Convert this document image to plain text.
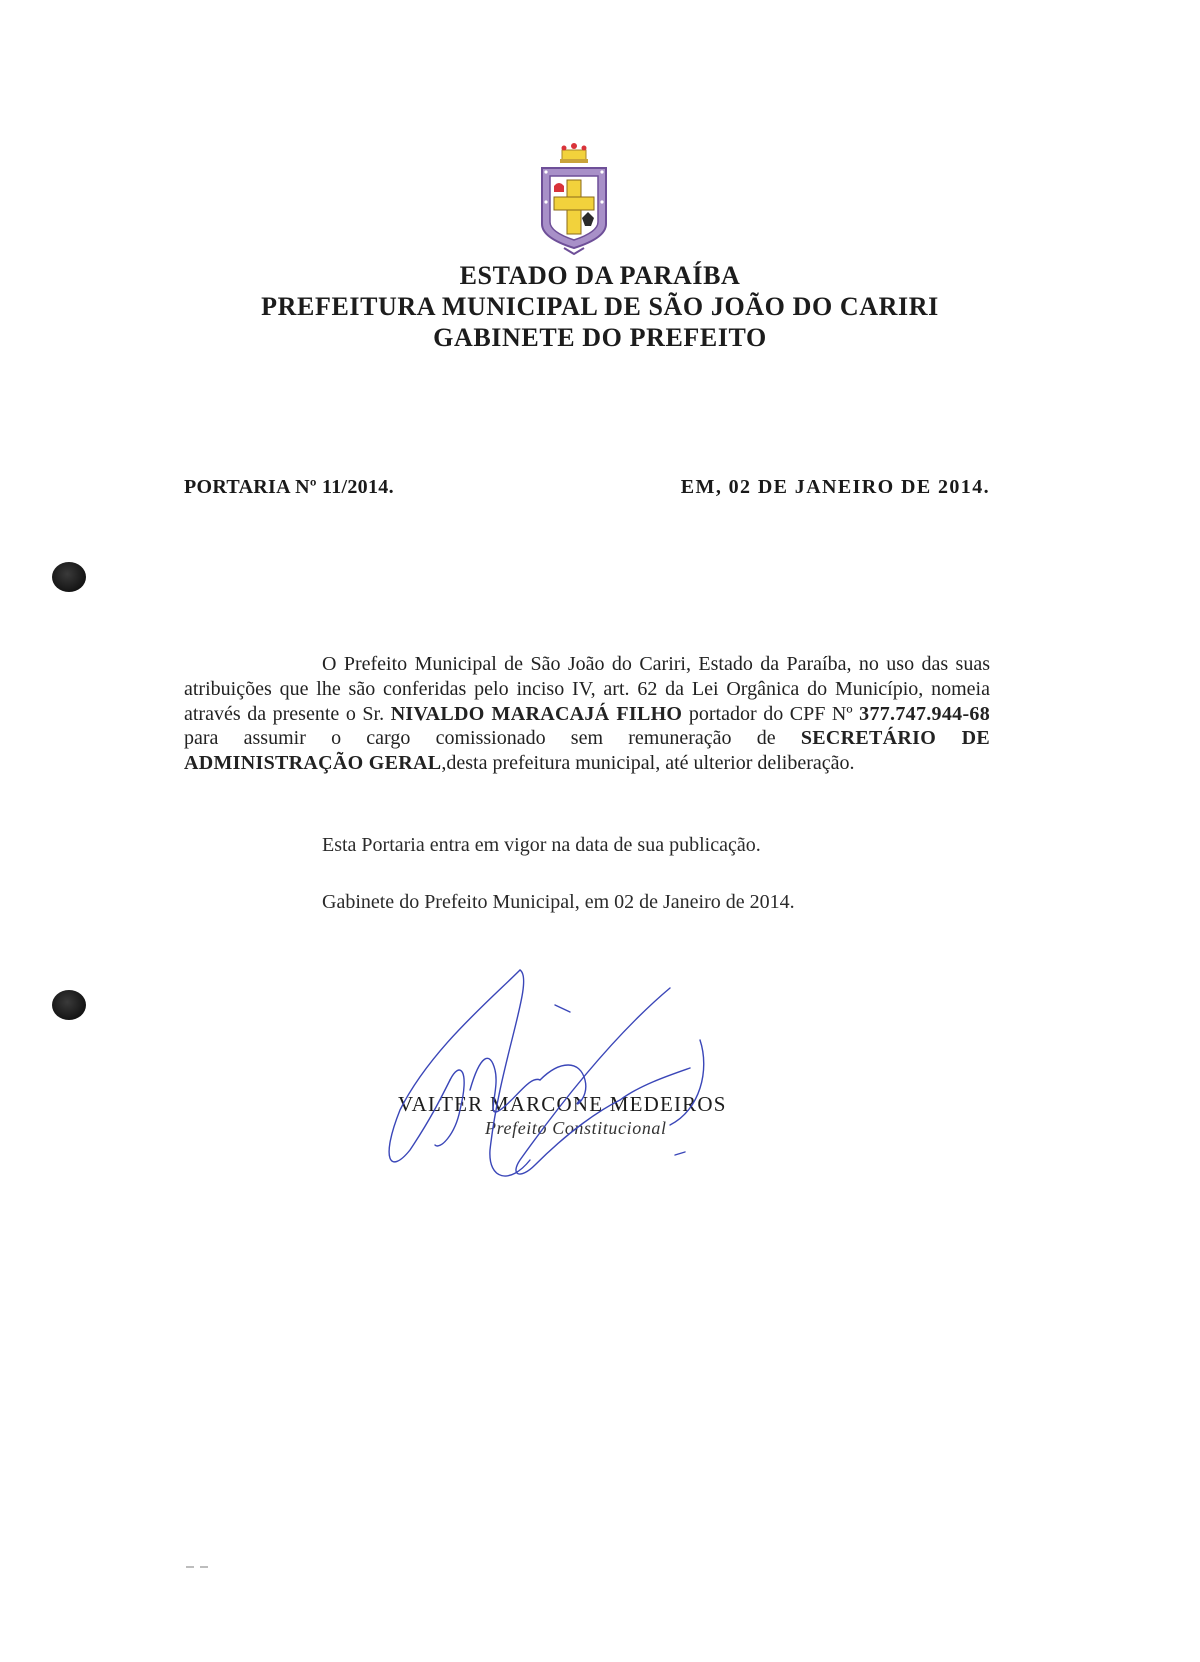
ESTADO DA PARAÍBA
PREFEITURA MUNICIPAL DE SÃO JOÃO DO CARIRI
GABINETE DO PREFEITO
PORTARIA Nº 11/2014.	EM, 02 DE JANEIRO DE 2014.
O Prefeito Municipal de São João do Cariri, Estado da Paraíba, no uso das suas atribuições que lhe são conferidas pelo inciso IV, art. 62 da Lei Orgânica do Município, nomeia através da presente o Sr. NIVALDO MARACAJÁ FILHO portador do CPF Nº 377.747.944-68 para assumir o cargo comissionado sem remuneração de SECRETÁRIO DE ADMINISTRAÇÃO GERAL,desta prefeitura municipal, até ulterior deliberação.
Esta Portaria entra em vigor na data de sua publicação.
Gabinete do Prefeito Municipal, em 02 de Janeiro de 2014.
VALTER MARCONE MEDEIROS
Prefeito Constitucional
